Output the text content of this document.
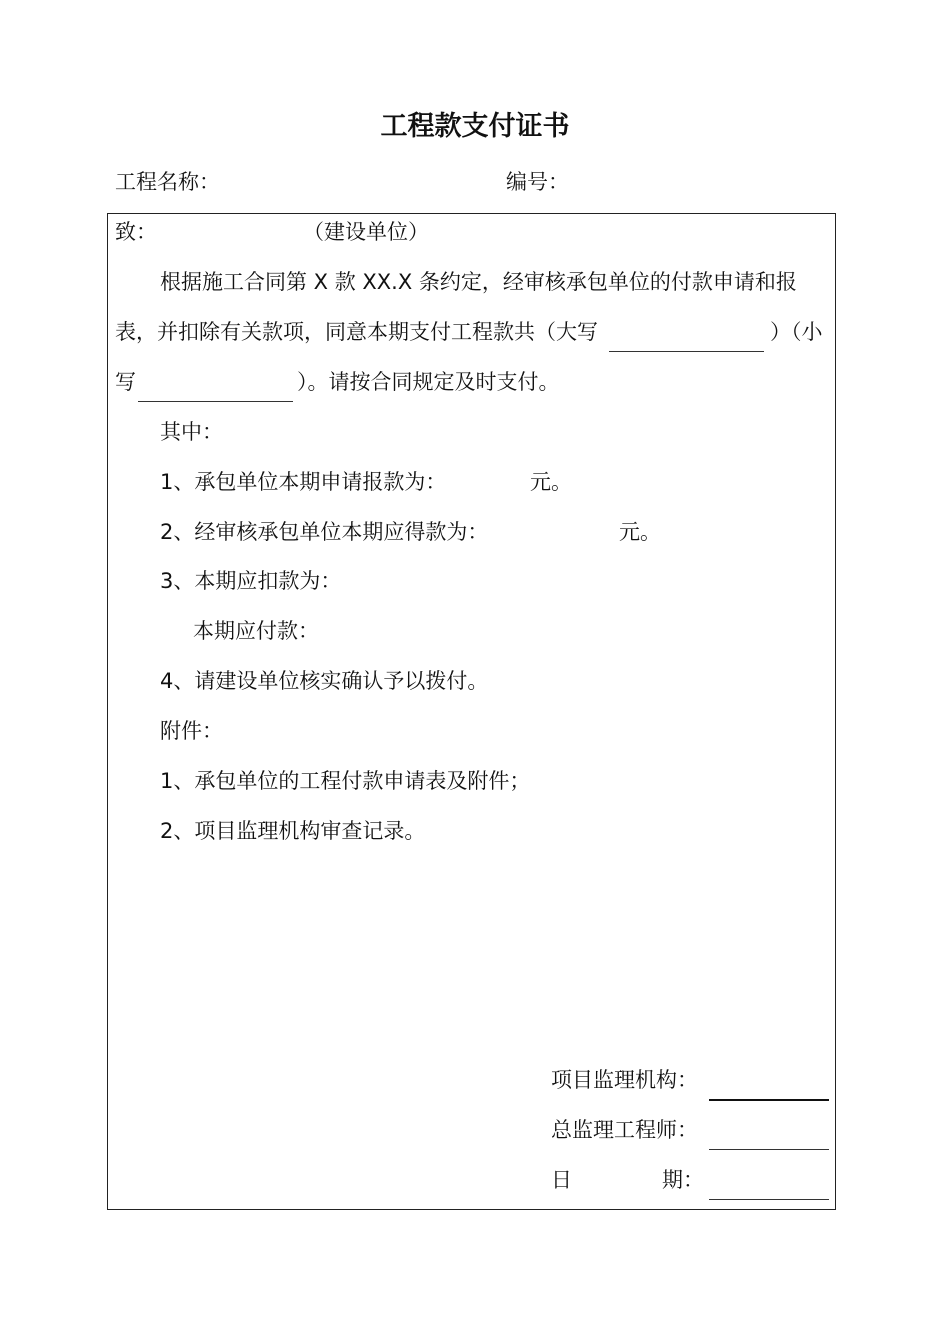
工程款支付证书
工程名称：	编号：
致：	（建设单位）
根据施工合同第 X 款 XX.X 条约定，经审核承包单位的付款申请和报
表，并扣除有关款项，同意本期支付工程款共（大写	）（小
写	）。请按合同规定及时支付。
其中：
1、承包单位本期申请报款为：	元。
2、经审核承包单位本期应得款为：	元。
3、本期应扣款为：
本期应付款：
4、请建设单位核实确认予以拨付。
附件：
1、承包单位的工程付款申请表及附件；
2、项目监理机构审查记录。
项目监理机构：
总监理工程师：
日	期：
